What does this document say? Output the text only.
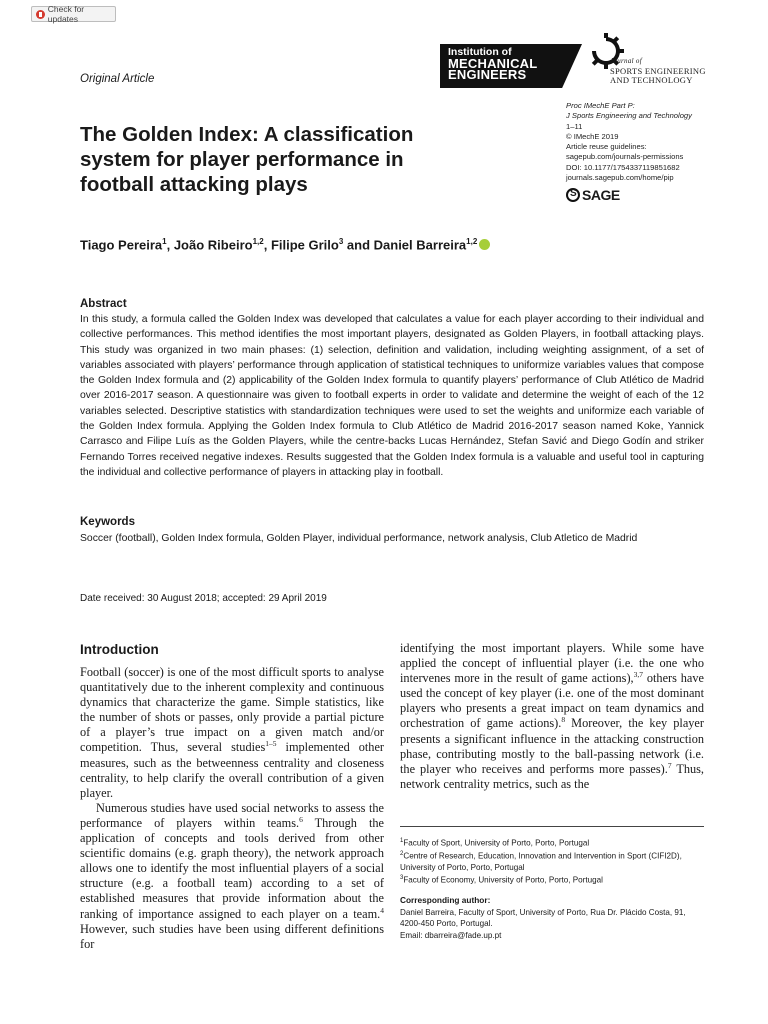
Check for updates
Original Article
Institution of
MECHANICAL
ENGINEERS
Journal of
SPORTS ENGINEERING
AND TECHNOLOGY
Proc IMechE Part P:
J Sports Engineering and Technology
1–11
© IMechE 2019
Article reuse guidelines:
sagepub.com/journals-permissions
DOI: 10.1177/1754337119851682
journals.sagepub.com/home/pip
S
SAGE
The Golden Index: A classification system for player performance in football attacking plays
Tiago Pereira$^1$, João Ribeiro$^{1,2}$, Filipe Grilo$^3$ and Daniel Barreira$^{1,2}$
Abstract
In this study, a formula called the Golden Index was developed that calculates a value for each player according to their individual and collective performances. This method identifies the most important players, designated as Golden Players, in football attacking plays. This study was organized in two main phases: (1) selection, definition and validation, including weighting assignment, of a set of variables associated with players’ performance through application of statistical techniques to uniformize variables values that compose the Golden Index formula and (2) applicability of the Golden Index formula to quantify players’ performance of Club Atlético de Madrid over 2016-2017 season. A questionnaire was given to football experts in order to validate and determine the weight of each of the 12 variables selected. Descriptive statistics with standardization techniques were used to set the weights and uniformize each variable of the Golden Index formula. Applying the Golden Index formula to Club Atlético de Madrid 2016-2017 season named Koke, Yannick Carrasco and Filipe Luís as the Golden Players, while the centre-backs Lucas Hernández, Stefan Savić and Diego Godín and striker Fernando Torres received negative indexes. Results suggested that the Golden Index formula is a valuable and useful tool in capturing the individual and collective performance of players in attacking play in football.
Keywords
Soccer (football), Golden Index formula, Golden Player, individual performance, network analysis, Club Atletico de Madrid
Date received: 30 August 2018; accepted: 29 April 2019
Introduction

Football (soccer) is one of the most difficult sports to analyse quantitatively due to the inherent complexity and continuous dynamics that characterize the game. Simple statistics, like the number of shots or passes, only provide a partial picture of a player’s true impact on a given match and/or competition. Thus, several studies$^{1-5}$ implemented other measures, such as the betweenness centrality and closeness centrality, to help clarify the overall contribution of a given player.

Numerous studies have used social networks to assess the performance of players within teams.$^6$ Through the application of concepts and tools derived from other scientific domains (e.g. graph theory), the network approach allows one to identify the most influential players of a social structure (e.g. a football team) according to a set of established measures that provide information about the ranking of importance assigned to each player on a team.$^4$ However, such studies have been using different definitions for

identifying the most important players. While some have applied the concept of influential player (i.e. the one who intervenes more in the result of game actions),$^{3,7}$ others have used the concept of key player (i.e. one of the most dominant players who presents a great impact on team dynamics and orchestration of game actions).$^8$ Moreover, the key player presents a significant influence in the attacking construction phase, contributing mostly to the ball-passing network (i.e. the player who receives and performs more passes).$^7$ Thus, network centrality metrics, such as the
$^1$Faculty of Sport, University of Porto, Porto, Portugal
$^2$Centre of Research, Education, Innovation and Intervention in Sport (CIFI2D), University of Porto, Porto, Portugal
$^3$Faculty of Economy, University of Porto, Porto, Portugal
Corresponding author:
Daniel Barreira, Faculty of Sport, University of Porto, Rua Dr. Plácido Costa, 91, 4200-450 Porto, Portugal.
Email: dbarreira@fade.up.pt
